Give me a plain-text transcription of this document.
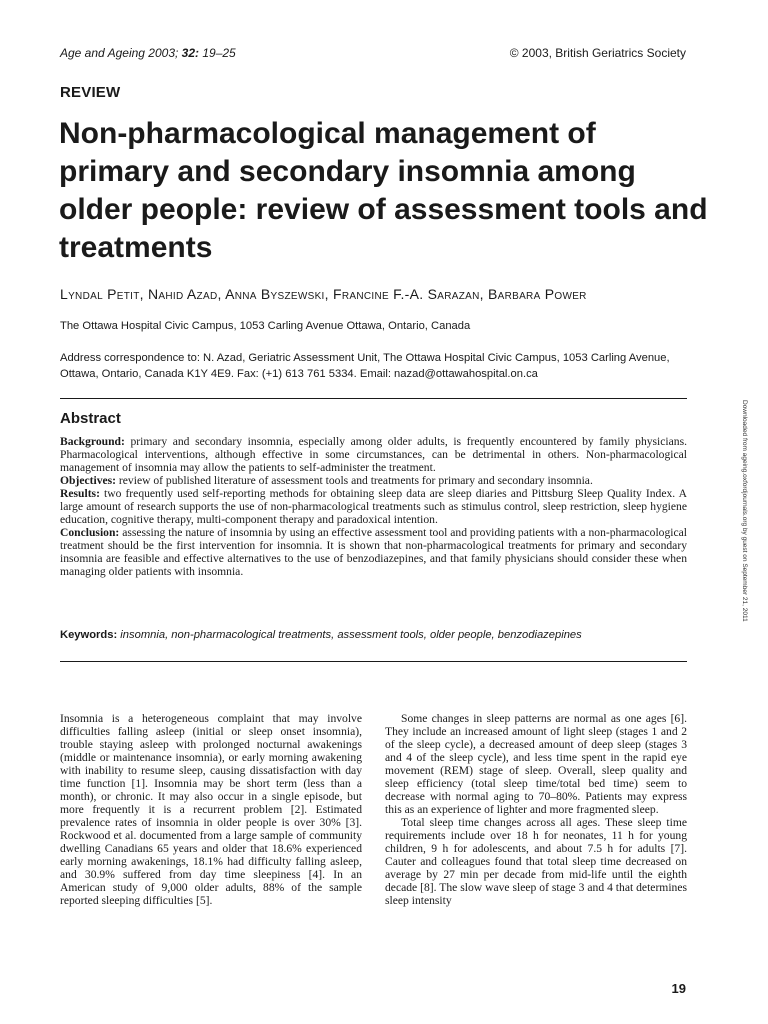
Age and Ageing 2003; 32: 19–25	© 2003, British Geriatrics Society
REVIEW
Non-pharmacological management of primary and secondary insomnia among older people: review of assessment tools and treatments
Lyndal Petit, Nahid Azad, Anna Byszewski, Francine F.-A. Sarazan, Barbara Power
The Ottawa Hospital Civic Campus, 1053 Carling Avenue Ottawa, Ontario, Canada
Address correspondence to: N. Azad, Geriatric Assessment Unit, The Ottawa Hospital Civic Campus, 1053 Carling Avenue, Ottawa, Ontario, Canada K1Y 4E9. Fax: (+1) 613 761 5334. Email: nazad@ottawahospital.on.ca
Abstract

Background: primary and secondary insomnia, especially among older adults, is frequently encountered by family physicians. Pharmacological interventions, although effective in some circumstances, can be detrimental in others. Non-pharmacological management of insomnia may allow the patients to self-administer the treatment.

Objectives: review of published literature of assessment tools and treatments for primary and secondary insomnia.

Results: two frequently used self-reporting methods for obtaining sleep data are sleep diaries and Pittsburg Sleep Quality Index. A large amount of research supports the use of non-pharmacological treatments such as stimulus control, sleep restriction, sleep hygiene education, cognitive therapy, multi-component therapy and paradoxical intention.

Conclusion: assessing the nature of insomnia by using an effective assessment tool and providing patients with a non-pharmacological treatment should be the first intervention for insomnia. It is shown that non-pharmacological treatments for primary and secondary insomnia are feasible and effective alternatives to the use of benzodiazepines, and that family physicians should consider these when managing older patients with insomnia.

Keywords: insomnia, non-pharmacological treatments, assessment tools, older people, benzodiazepines

Insomnia is a heterogeneous complaint that may involve difficulties falling asleep (initial or sleep onset insomnia), trouble staying asleep with prolonged nocturnal awakenings (middle or maintenance insomnia), or early morning awakening with inability to resume sleep, causing dissatisfaction with day time function [1]. Insomnia may be short term (less than a month), or chronic. It may also occur in a single episode, but more frequently it is a recurrent problem [2]. Estimated prevalence rates of insomnia in older people is over 30% [3]. Rockwood et al. documented from a large sample of community dwelling Canadians 65 years and older that 18.6% experienced early morning awakenings, 18.1% had difficulty falling asleep, and 30.9% suffered from day time sleepiness [4]. In an American study of 9,000 older adults, 88% of the sample reported sleeping difficulties [5].

Some changes in sleep patterns are normal as one ages [6]. They include an increased amount of light sleep (stages 1 and 2 of the sleep cycle), a decreased amount of deep sleep (stages 3 and 4 of the sleep cycle), and less time spent in the rapid eye movement (REM) stage of sleep. Overall, sleep quality and sleep efficiency (total sleep time/total bed time) seem to decrease with normal aging to 70–80%. Patients may express this as an experience of lighter and more fragmented sleep.

Total sleep time changes across all ages. These sleep time requirements include over 18 h for neonates, 11 h for young children, 9 h for adolescents, and about 7.5 h for adults [7]. Cauter and colleagues found that total sleep time decreased on average by 27 min per decade from mid-life until the eighth decade [8]. The slow wave sleep of stage 3 and 4 that determines sleep intensity

Downloaded from ageing.oxfordjournals.org by guest on September 21, 2011
19
